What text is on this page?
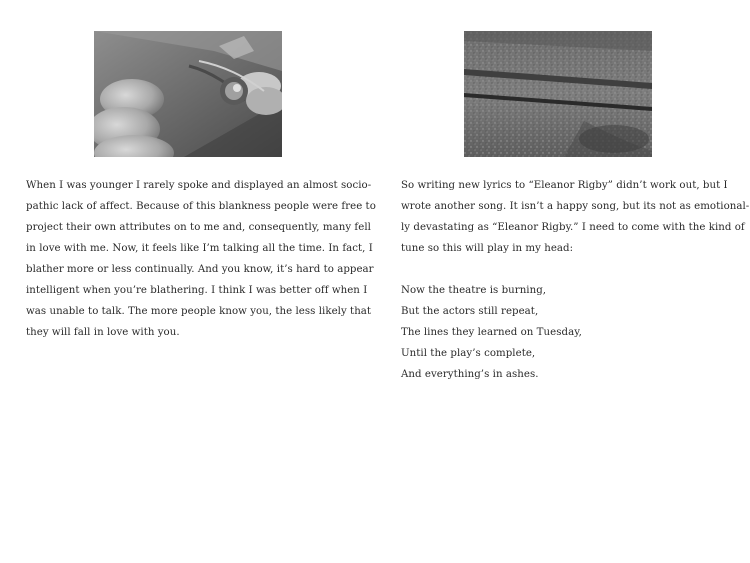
When I was younger I rarely spoke and displayed an almost socio-
pathic lack of affect. Because of this blankness people were free to
project their own attributes on to me and, consequently, many fell
in love with me. Now, it feels like I’m talking all the time. In fact, I
blather more or less continually. And you know, it’s hard to appear
intelligent when you’re blathering. I think I was better off when I
was unable to talk. The more people know you, the less likely that
they will fall in love with you.
So writing new lyrics to “Eleanor Rigby” didn’t work out, but I
wrote another song. It isn’t a happy song, but its not as emotional-
ly devastating as “Eleanor Rigby.” I need to come with the kind of
tune so this will play in my head:
Now the theatre is burning,
But the actors still repeat,
The lines they learned on Tuesday,
Until the play’s complete,
And everything’s in ashes.
